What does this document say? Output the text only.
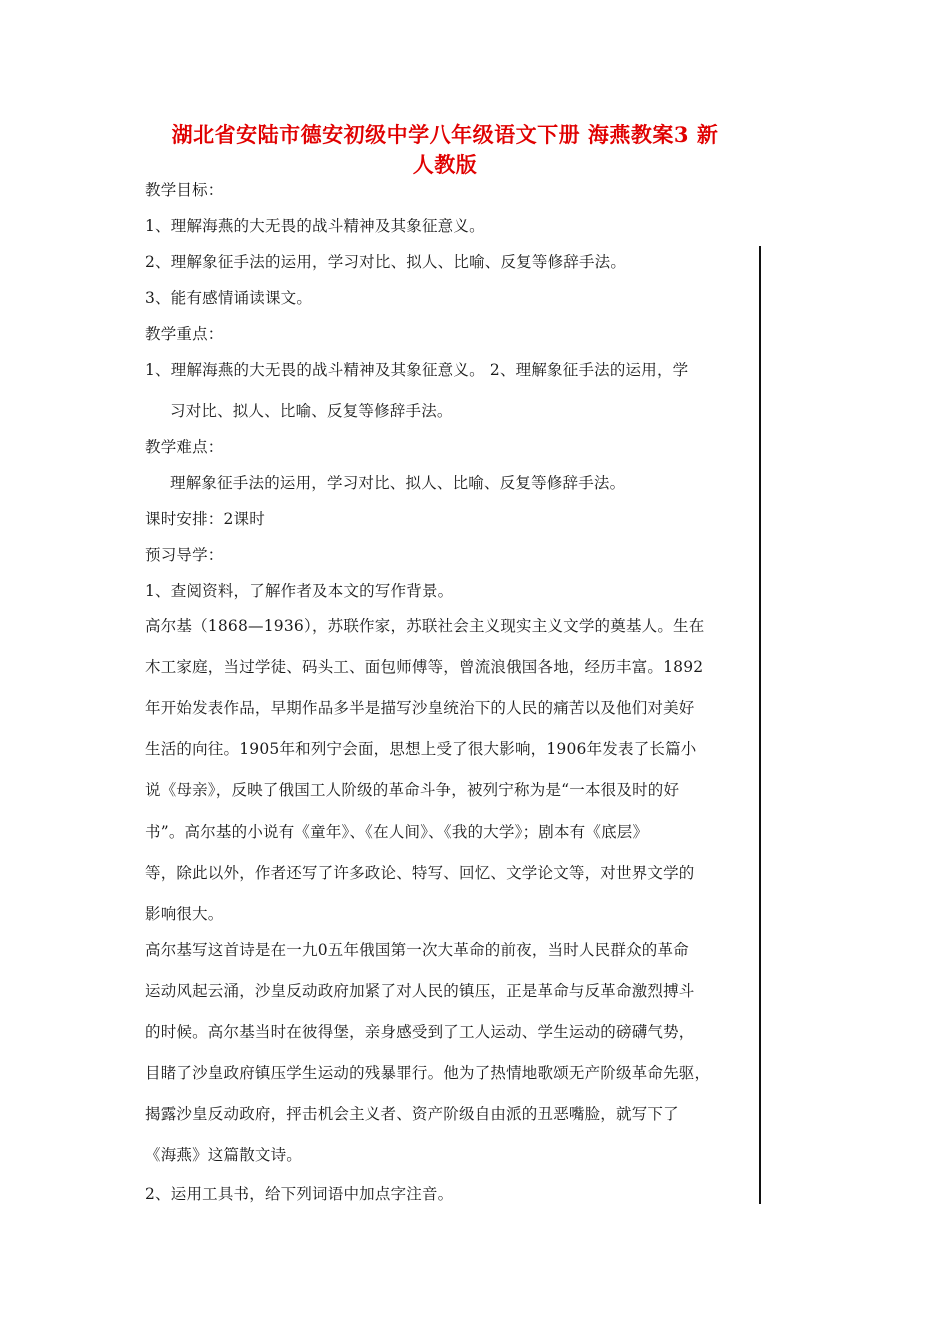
湖北省安陆市德安初级中学八年级语文下册 海燕教案3 新
人教版
教学目标：
1、理解海燕的大无畏的战斗精神及其象征意义。
2、理解象征手法的运用，学习对比、拟人、比喻、反复等修辞手法。
3、能有感情诵读课文。
教学重点：
1、理解海燕的大无畏的战斗精神及其象征意义。 2、理解象征手法的运用，学
习对比、拟人、比喻、反复等修辞手法。
教学难点：
理解象征手法的运用，学习对比、拟人、比喻、反复等修辞手法。
课时安排：2课时
预习导学：
1、查阅资料，了解作者及本文的写作背景。
高尔基（1868—1936），苏联作家，苏联社会主义现实主义文学的奠基人。生在
木工家庭，当过学徒、码头工、面包师傅等，曾流浪俄国各地，经历丰富。1892
年开始发表作品，早期作品多半是描写沙皇统治下的人民的痛苦以及他们对美好
生活的向往。1905年和列宁会面，思想上受了很大影响，1906年发表了长篇小
说《母亲》，反映了俄国工人阶级的革命斗争，被列宁称为是“一本很及时的好
书”。高尔基的小说有《童年》、《在人间》、《我的大学》；剧本有《底层》
等，除此以外，作者还写了许多政论、特写、回忆、文学论文等，对世界文学的
影响很大。
高尔基写这首诗是在一九0五年俄国第一次大革命的前夜，当时人民群众的革命
运动风起云涌，沙皇反动政府加紧了对人民的镇压，正是革命与反革命激烈搏斗
的时候。高尔基当时在彼得堡，亲身感受到了工人运动、学生运动的磅礴气势，
目睹了沙皇政府镇压学生运动的残暴罪行。他为了热情地歌颂无产阶级革命先驱，
揭露沙皇反动政府，抨击机会主义者、资产阶级自由派的丑恶嘴脸，就写下了
《海燕》这篇散文诗。
2、运用工具书，给下列词语中加点字注音。
